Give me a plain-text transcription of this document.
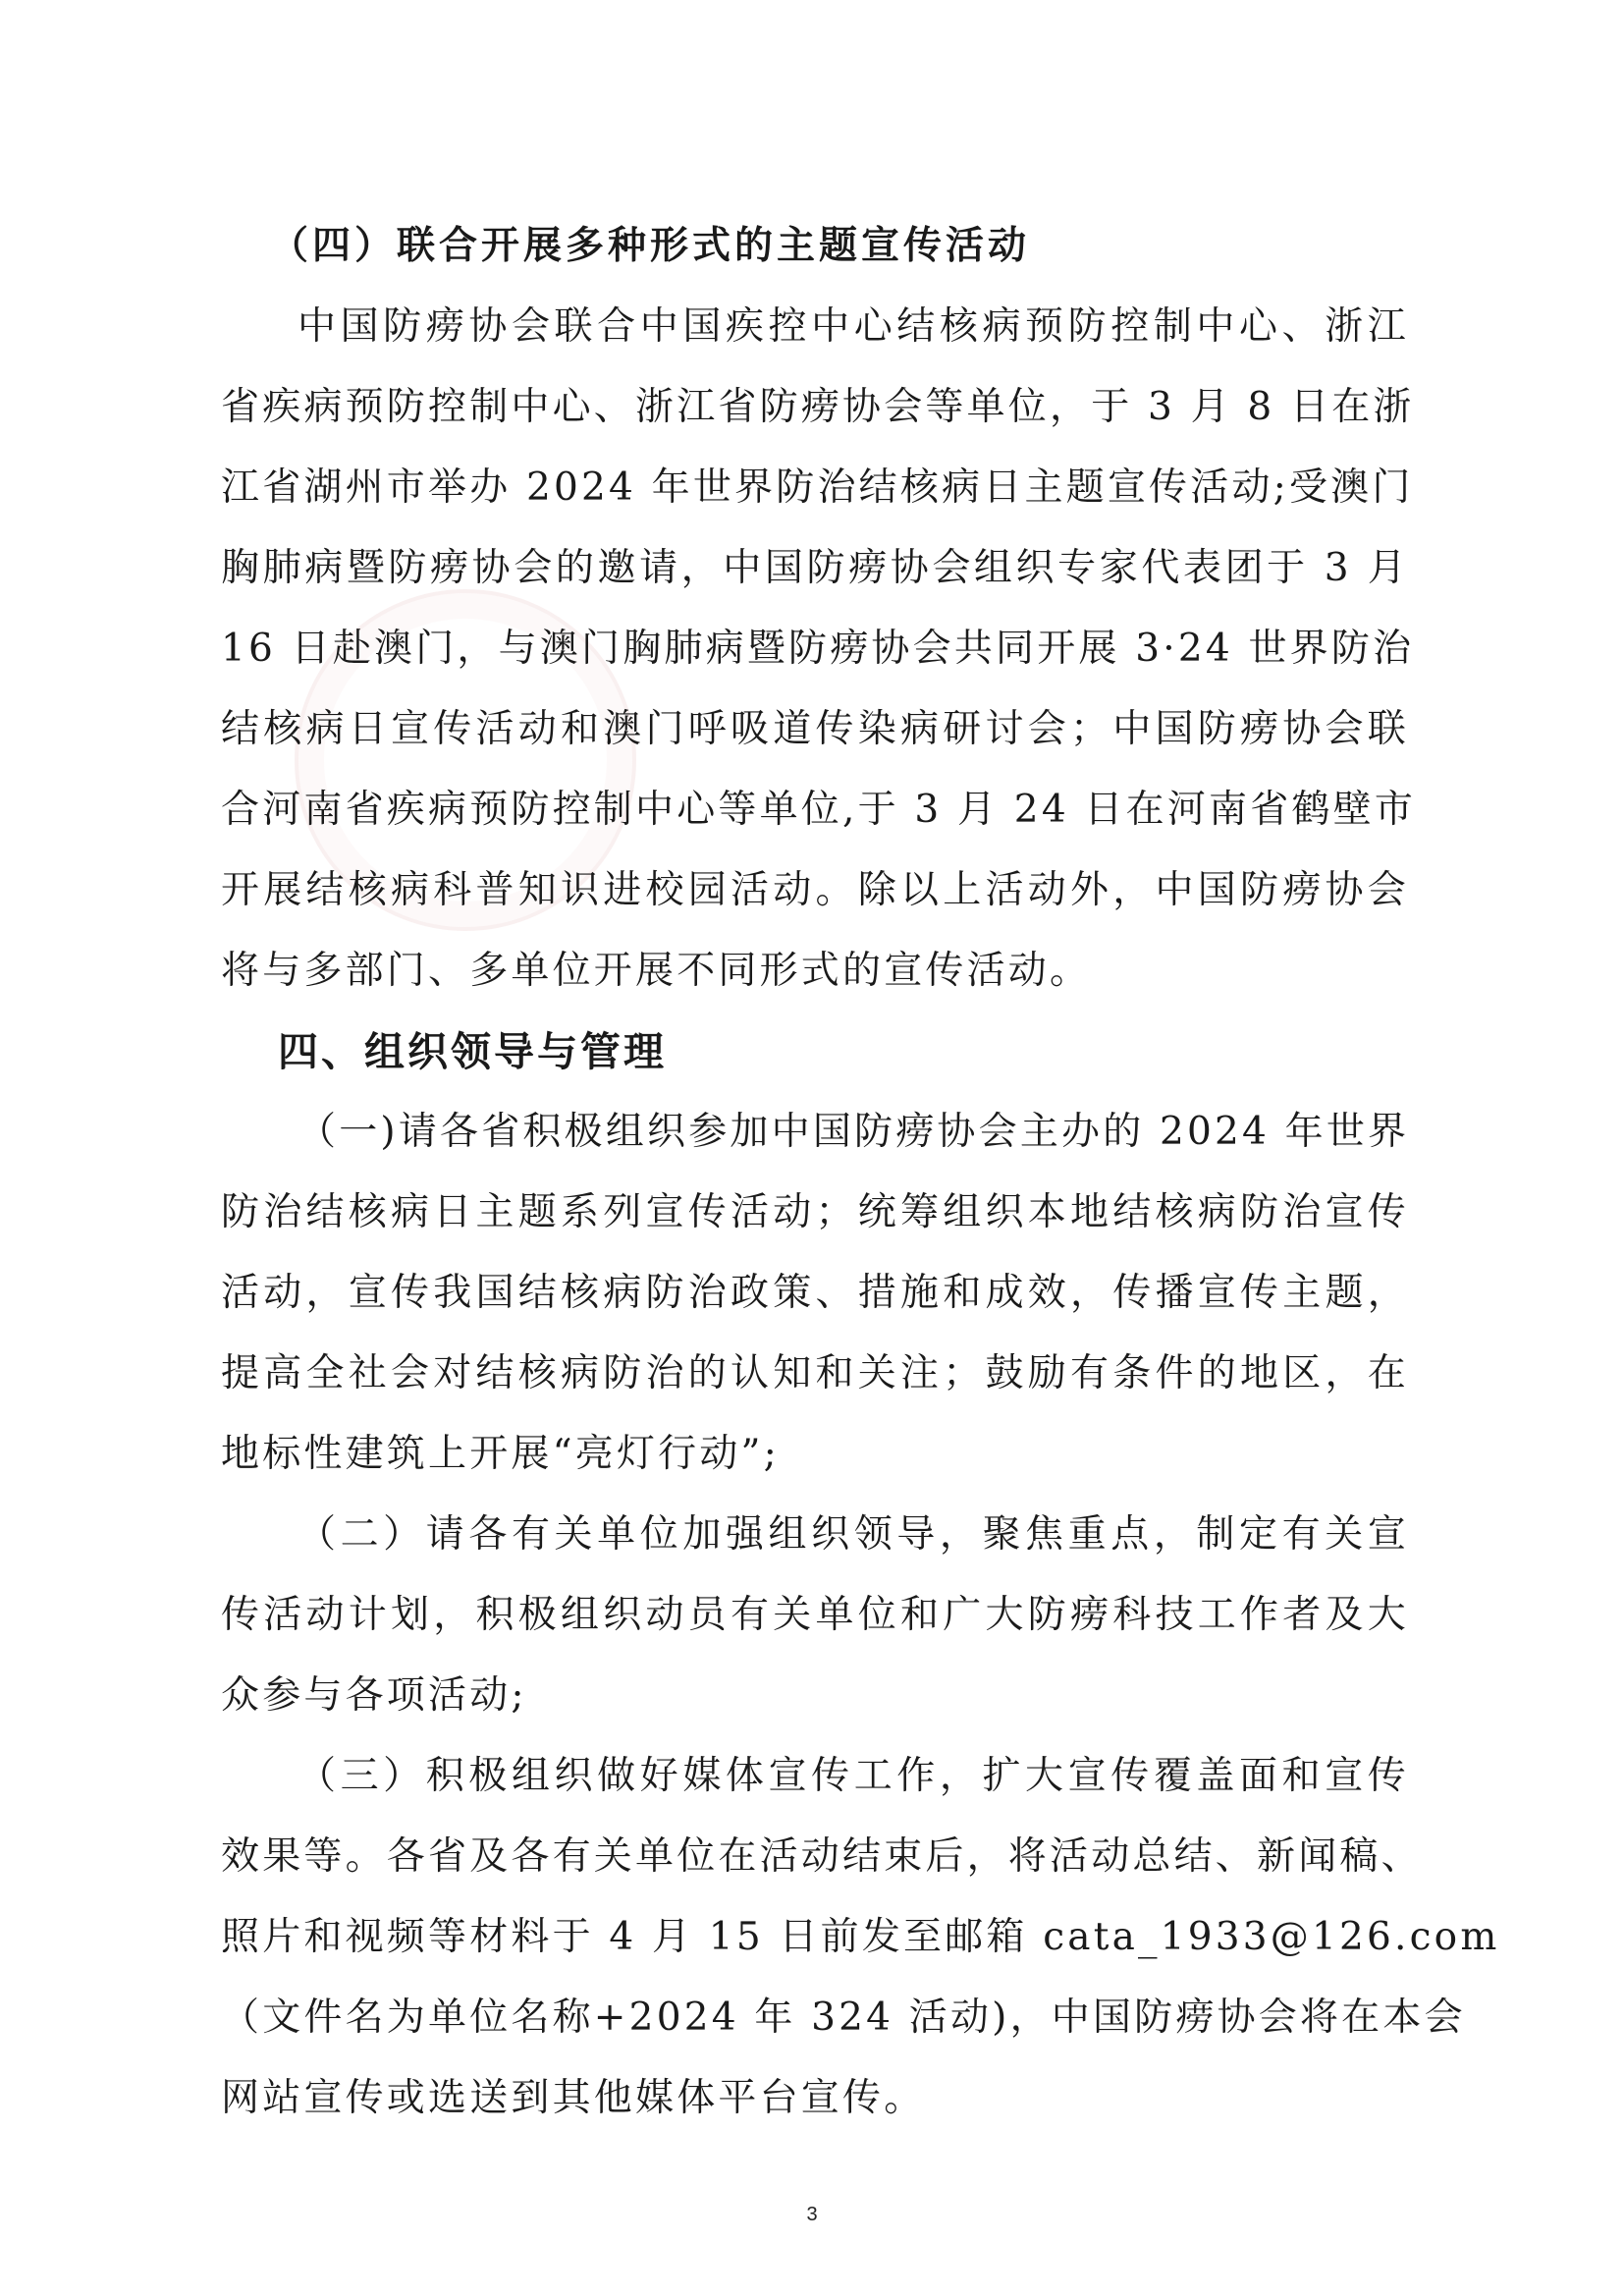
（四）联合开展多种形式的主题宣传活动
中国防痨协会联合中国疾控中心结核病预防控制中心、浙江
省疾病预防控制中心、浙江省防痨协会等单位，于 3 月 8 日在浙
江省湖州市举办 2024 年世界防治结核病日主题宣传活动;受澳门
胸肺病暨防痨协会的邀请，中国防痨协会组织专家代表团于 3 月
16 日赴澳门，与澳门胸肺病暨防痨协会共同开展 3·24 世界防治
结核病日宣传活动和澳门呼吸道传染病研讨会；中国防痨协会联
合河南省疾病预防控制中心等单位,于 3 月 24 日在河南省鹤壁市
开展结核病科普知识进校园活动。除以上活动外，中国防痨协会
将与多部门、多单位开展不同形式的宣传活动。
四、组织领导与管理
（一)请各省积极组织参加中国防痨协会主办的 2024 年世界
防治结核病日主题系列宣传活动；统筹组织本地结核病防治宣传
活动，宣传我国结核病防治政策、措施和成效，传播宣传主题，
提高全社会对结核病防治的认知和关注；鼓励有条件的地区，在
地标性建筑上开展“亮灯行动”;
（二）请各有关单位加强组织领导，聚焦重点，制定有关宣
传活动计划，积极组织动员有关单位和广大防痨科技工作者及大
众参与各项活动;
（三）积极组织做好媒体宣传工作，扩大宣传覆盖面和宣传
效果等。各省及各有关单位在活动结束后，将活动总结、新闻稿、
照片和视频等材料于 4 月 15 日前发至邮箱 cata_1933@126.com
（文件名为单位名称+2024 年 324 活动)，中国防痨协会将在本会
网站宣传或选送到其他媒体平台宣传。
3
